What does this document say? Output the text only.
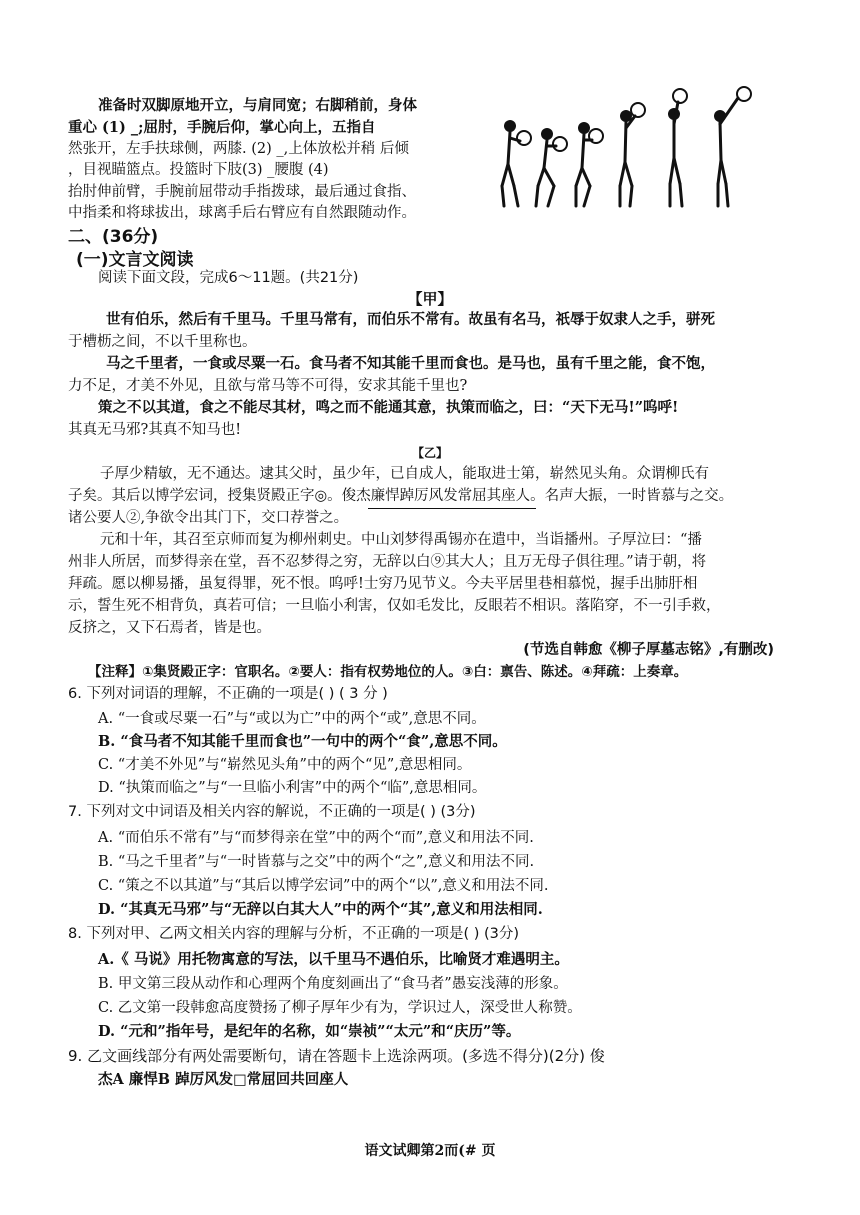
准备时双脚原地开立，与肩同宽；右脚稍前，身体
重心 (1) _;屈肘，手腕后仰，掌心向上，五指自
然张开，左手扶球侧，两膝. (2) _,上体放松并稍 后倾
，目视瞄篮点。投篮时下肢(3) _腰腹 (4)
抬肘伸前臂，手腕前屈带动手指拨球，最后通过食指、
中指柔和将球拔出，球离手后右臂应有自然跟随动作。
二、(36分)
(一)文言文阅读
阅读下面文段，完成6～11题。(共21分)
【甲】
世有伯乐，然后有千里马。千里马常有，而伯乐不常有。故虽有名马，祇辱于奴隶人之手，骈死
于槽枥之间，不以千里称也。
马之千里者，一食或尽粟一石。食马者不知其能千里而食也。是马也，虽有千里之能，食不饱，
力不足，才美不外见，且欲与常马等不可得，安求其能千里也?
策之不以其道，食之不能尽其材，鸣之而不能通其意，执策而临之，曰：“天下无马!”呜呼!
其真无马邪?其真不知马也!
【乙】
子厚少精敏，无不通达。逮其父时，虽少年，已自成人，能取进士第，崭然见头角。众谓柳氏有
子矣。其后以博学宏词，授集贤殿正字◎。俊杰廉悍踔厉风发常屈其座人。名声大振，一时皆慕与之交。
诸公要人②,争欲令出其门下，交口荐誉之。
元和十年，其召至京师而复为柳州刺史。中山刘梦得禹锡亦在遣中，当诣播州。子厚泣曰：“播
州非人所居，而梦得亲在堂，吾不忍梦得之穷，无辞以白⑨其大人；且万无母子俱往理。”请于朝，将
拜疏。愿以柳易播，虽复得罪，死不恨。呜呼!士穷乃见节义。今夫平居里巷相慕悦，握手出肺肝相
示，誓生死不相背负，真若可信；一旦临小利害，仅如毛发比，反眼若不相识。落陷穿，不一引手救，
反挤之，又下石焉者，皆是也。
(节选自韩愈《柳子厚墓志铭》,有删改)
【注释】①集贤殿正字：官职名。②要人：指有权势地位的人。③白：禀告、陈述。④拜疏：上奏章。
6. 下列对词语的理解，不正确的一项是( ) ( 3 分 )
A. “一食或尽粟一石”与“或以为亡”中的两个“或”,意思不同。
B. “食马者不知其能千里而食也”一句中的两个“食”,意思不同。
C. “才美不外见”与“崭然见头角”中的两个“见”,意思相同。
D. “执策而临之”与“一旦临小利害”中的两个“临”,意思相同。
7. 下列对文中词语及相关内容的解说，不正确的一项是( ) (3分)
A. “而伯乐不常有”与“而梦得亲在堂”中的两个“而”,意义和用法不同.
B. “马之千里者”与“一时皆慕与之交”中的两个“之”,意义和用法不同.
C. “策之不以其道”与“其后以博学宏词”中的两个“以”,意义和用法不同.
D. “其真无马邪”与“无辞以白其大人”中的两个“其”,意义和用法相同.
8. 下列对甲、乙两文相关内容的理解与分析，不正确的一项是( ) (3分)
A.《 马说》用托物寓意的写法，以千里马不遇伯乐，比喻贤才难遇明主。
B. 甲文第三段从动作和心理两个角度刻画出了“食马者”愚妄浅薄的形象。
C. 乙文第一段韩愈高度赞扬了柳子厚年少有为，学识过人，深受世人称赞。
D. “元和”指年号，是纪年的名称，如“崇祯”“太元”和“庆历”等。
9. 乙文画线部分有两处需要断句，请在答题卡上选涂两项。(多选不得分)(2分) 俊
杰A 廉悍B 踔厉风发□常屈回共回座人
语文试卿第2而(# 页
